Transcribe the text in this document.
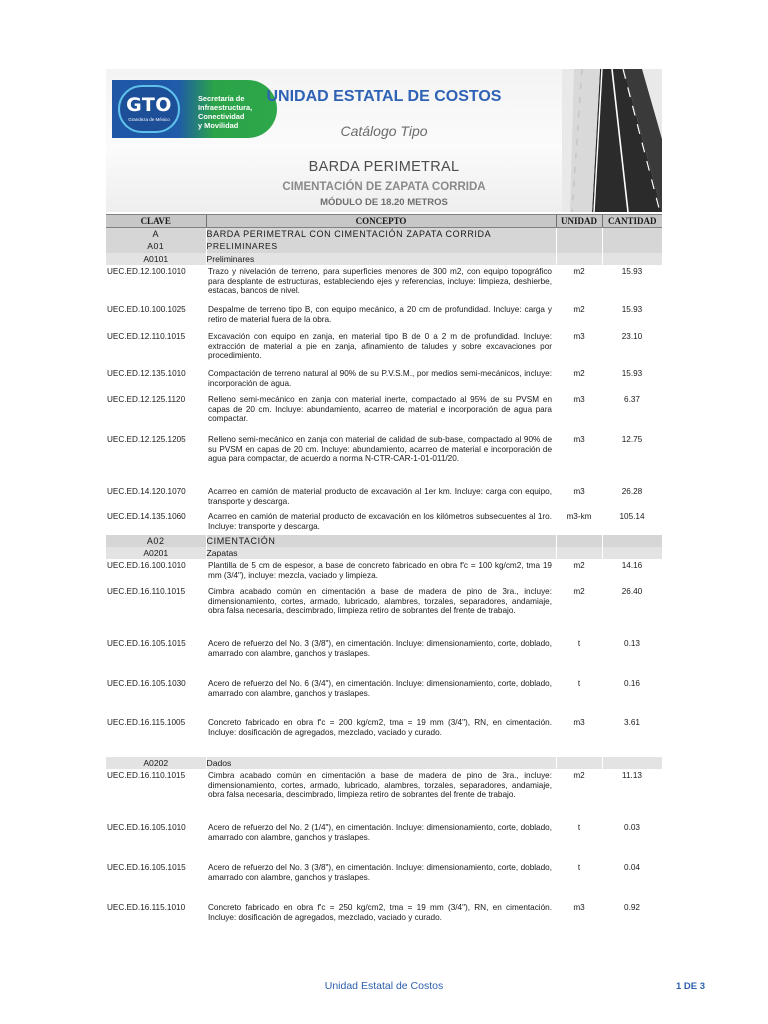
GTO
Grandeza de México
Secretaría de
Infraestructura,
Conectividad
y Movilidad
UNIDAD ESTATAL DE COSTOS
Catálogo Tipo
BARDA PERIMETRAL
CIMENTACIÓN DE ZAPATA CORRIDA
MÓDULO DE 18.20 METROS
CLAVE	CONCEPTO	UNIDAD	CANTIDAD
A	BARDA PERIMETRAL CON CIMENTACIÓN ZAPATA CORRIDA		
A01	PRELIMINARES		
A0101	Preliminares		
UEC.ED.12.100.1010	Trazo y nivelación de terreno, para superficies menores de 300 m2, con equipo topográfico para desplante de estructuras, estableciendo ejes y referencias, incluye: limpieza, deshierbe, estacas, bancos de nivel.	m2	15.93
UEC.ED.10.100.1025	Despalme de terreno tipo B, con equipo mecánico, a 20 cm de profundidad. Incluye: carga y retiro de material fuera de la obra.	m2	15.93
UEC.ED.12.110.1015	Excavación con equipo en zanja, en material tipo B de 0 a 2 m de profundidad. Incluye: extracción de material a pie en zanja, afinamiento de taludes y sobre excavaciones por procedimiento.	m3	23.10
UEC.ED.12.135.1010	Compactación de terreno natural al 90% de su P.V.S.M., por medios semi-mecánicos, incluye: incorporación de agua.	m2	15.93
UEC.ED.12.125.1120	Relleno semi-mecánico en zanja con material inerte, compactado al 95% de su PVSM en capas de 20 cm. Incluye: abundamiento, acarreo de material e incorporación de agua para compactar.	m3	6.37
UEC.ED.12.125.1205	Relleno semi-mecánico en zanja con material de calidad de sub-base, compactado al 90% de su PVSM en capas de 20 cm. Incluye: abundamiento, acarreo de material e incorporación de agua para compactar, de acuerdo a norma N-CTR-CAR-1-01-011/20.	m3	12.75
UEC.ED.14.120.1070	Acarreo en camión de material producto de excavación al 1er km. Incluye: carga con equipo, transporte y descarga.	m3	26.28
UEC.ED.14.135.1060	Acarreo en camión de material producto de excavación en los kilómetros subsecuentes al 1ro. Incluye: transporte y descarga.	m3-km	105.14
A02	CIMENTACIÓN		
A0201	Zapatas		
UEC.ED.16.100.1010	Plantilla de 5 cm de espesor, a base de concreto fabricado en obra f'c = 100 kg/cm2, tma 19 mm (3/4"), incluye: mezcla, vaciado y limpieza.	m2	14.16
UEC.ED.16.110.1015	Cimbra acabado común en cimentación a base de madera de pino de 3ra., incluye: dimensionamiento, cortes, armado, lubricado, alambres, torzales, separadores, andamiaje, obra falsa necesaria, descimbrado, limpieza retiro de sobrantes del frente de trabajo.	m2	26.40
UEC.ED.16.105.1015	Acero de refuerzo del No. 3 (3/8"), en cimentación. Incluye: dimensionamiento, corte, doblado, amarrado con alambre, ganchos y traslapes.	t	0.13
UEC.ED.16.105.1030	Acero de refuerzo del No. 6 (3/4"), en cimentación. Incluye: dimensionamiento, corte, doblado, amarrado con alambre, ganchos y traslapes.	t	0.16
UEC.ED.16.115.1005	Concreto fabricado en obra f'c = 200 kg/cm2, tma = 19 mm (3/4"), RN, en cimentación. Incluye: dosificación de agregados, mezclado, vaciado y curado.	m3	3.61
A0202	Dados		
UEC.ED.16.110.1015	Cimbra acabado común en cimentación a base de madera de pino de 3ra., incluye: dimensionamiento, cortes, armado, lubricado, alambres, torzales, separadores, andamiaje, obra falsa necesaria, descimbrado, limpieza retiro de sobrantes del frente de trabajo.	m2	11.13
UEC.ED.16.105.1010	Acero de refuerzo del No. 2 (1/4"), en cimentación. Incluye: dimensionamiento, corte, doblado, amarrado con alambre, ganchos y traslapes.	t	0.03
UEC.ED.16.105.1015	Acero de refuerzo del No. 3 (3/8"), en cimentación. Incluye: dimensionamiento, corte, doblado, amarrado con alambre, ganchos y traslapes.	t	0.04
UEC.ED.16.115.1010	Concreto fabricado en obra f'c = 250 kg/cm2, tma = 19 mm (3/4"), RN, en cimentación. Incluye: dosificación de agregados, mezclado, vaciado y curado.	m3	0.92
Unidad Estatal de Costos	1 DE 3
